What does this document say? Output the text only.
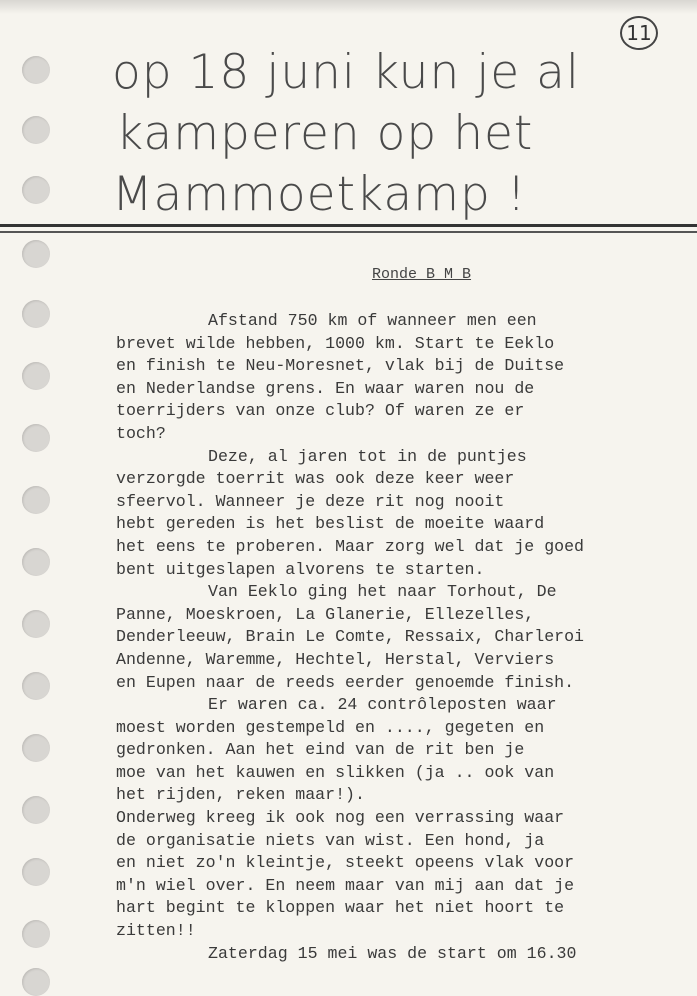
11
op 18 juni kun je al
kamperen op het
Mammoetkamp !
Ronde B M B
Afstand 750 km of wanneer men een
brevet wilde hebben, 1000 km. Start te Eeklo
en finish te Neu-Moresnet, vlak bij de Duitse
en Nederlandse grens. En waar waren nou de
toerrijders van onze club? Of waren ze er
toch?
Deze, al jaren tot in de puntjes
verzorgde toerrit was ook deze keer weer
sfeervol. Wanneer je deze rit nog nooit
hebt gereden is het beslist de moeite waard
het eens te proberen. Maar zorg wel dat je goed
bent uitgeslapen alvorens te starten.
Van Eeklo ging het naar Torhout, De
Panne, Moeskroen, La Glanerie, Ellezelles,
Denderleeuw, Brain Le Comte, Ressaix, Charleroi
Andenne, Waremme, Hechtel, Herstal, Verviers
en Eupen naar de reeds eerder genoemde finish.
Er waren ca. 24 contrôleposten waar
moest worden gestempeld en ...., gegeten en
gedronken. Aan het eind van de rit ben je
moe van het kauwen en slikken (ja .. ook van
het rijden, reken maar!).
Onderweg kreeg ik ook nog een verrassing waar
de organisatie niets van wist. Een hond, ja
en niet zo'n kleintje, steekt opeens vlak voor
m'n wiel over. En neem maar van mij aan dat je
hart begint te kloppen waar het niet hoort te
zitten!!
Zaterdag 15 mei was de start om 16.30
